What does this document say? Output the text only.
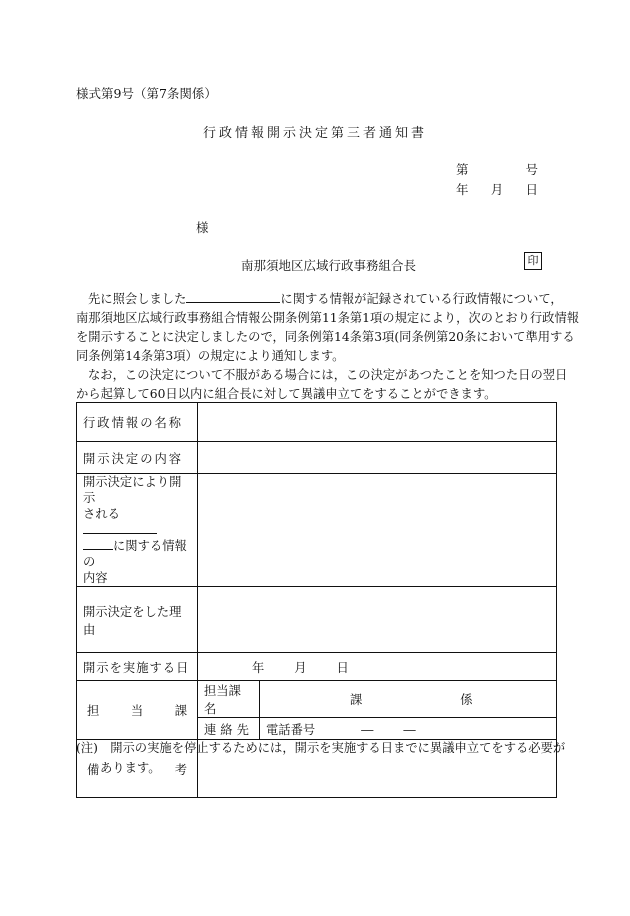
様式第9号（第7条関係）
行政情報開示決定第三者通知書
第	号
年 月 日
様
南那須地区広域行政事務組合長	印
先に照会しました	に関する情報が記録されている行政情報について，
南那須地区広域行政事務組合情報公開条例第11条第1項の規定により，次のとおり行政情報
を開示することに決定しましたので，同条例第14条第3項(同条例第20条において準用する
同条例第14条第3項）の規定により通知します。
なお，この決定について不服がある場合には，この決定があつたことを知つた日の翌日
から起算して60日以内に組合長に対して異議申立てをすることができます。
行政情報の名称		
開示決定の内容		

開示決定により開示
される
に関する情報の
内容		

開示決定をした理由		
開示を実施する日	年 月 日	

担 当 課	担当課名	課 係
	連絡先	電話番号 ― ―

備 考		

(注)　開示の実施を停止するためには，開示を実施する日までに異議申立てをする必要が
あります。
